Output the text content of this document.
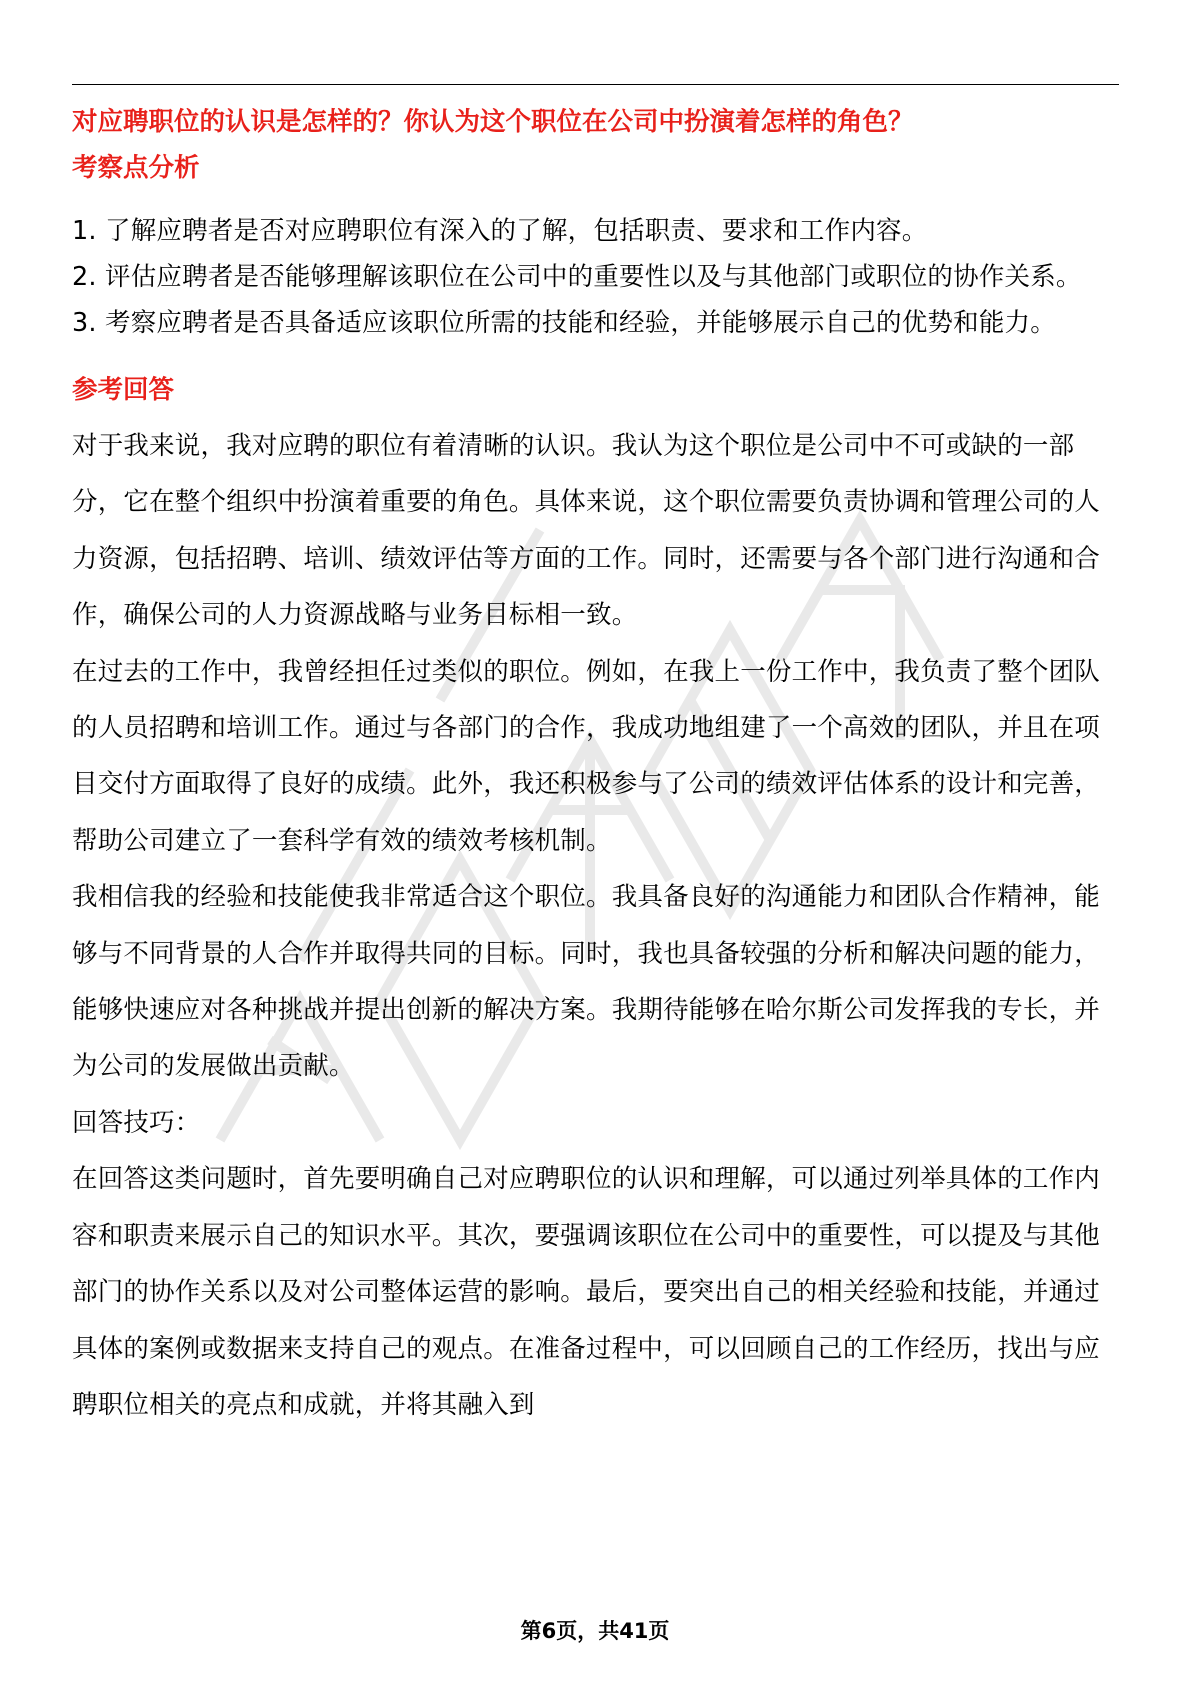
对应聘职位的认识是怎样的？你认为这个职位在公司中扮演着怎样的角色？
考察点分析

1. 了解应聘者是否对应聘职位有深入的了解，包括职责、要求和工作内容。

2. 评估应聘者是否能够理解该职位在公司中的重要性以及与其他部门或职位的协作关系。

3. 考察应聘者是否具备适应该职位所需的技能和经验，并能够展示自己的优势和能力。

参考回答

对于我来说，我对应聘的职位有着清晰的认识。我认为这个职位是公司中不可或缺的一部分，它在整个组织中扮演着重要的角色。具体来说，这个职位需要负责协调和管理公司的人力资源，包括招聘、培训、绩效评估等方面的工作。同时，还需要与各个部门进行沟通和合作，确保公司的人力资源战略与业务目标相一致。

在过去的工作中，我曾经担任过类似的职位。例如，在我上一份工作中，我负责了整个团队的人员招聘和培训工作。通过与各部门的合作，我成功地组建了一个高效的团队，并且在项目交付方面取得了良好的成绩。此外，我还积极参与了公司的绩效评估体系的设计和完善，帮助公司建立了一套科学有效的绩效考核机制。

我相信我的经验和技能使我非常适合这个职位。我具备良好的沟通能力和团队合作精神，能够与不同背景的人合作并取得共同的目标。同时，我也具备较强的分析和解决问题的能力，能够快速应对各种挑战并提出创新的解决方案。我期待能够在哈尔斯公司发挥我的专长，并为公司的发展做出贡献。

回答技巧：

在回答这类问题时，首先要明确自己对应聘职位的认识和理解，可以通过列举具体的工作内容和职责来展示自己的知识水平。其次，要强调该职位在公司中的重要性，可以提及与其他部门的协作关系以及对公司整体运营的影响。最后，要突出自己的相关经验和技能，并通过具体的案例或数据来支持自己的观点。在准备过程中，可以回顾自己的工作经历，找出与应聘职位相关的亮点和成就，并将其融入到

第6页，共41页
